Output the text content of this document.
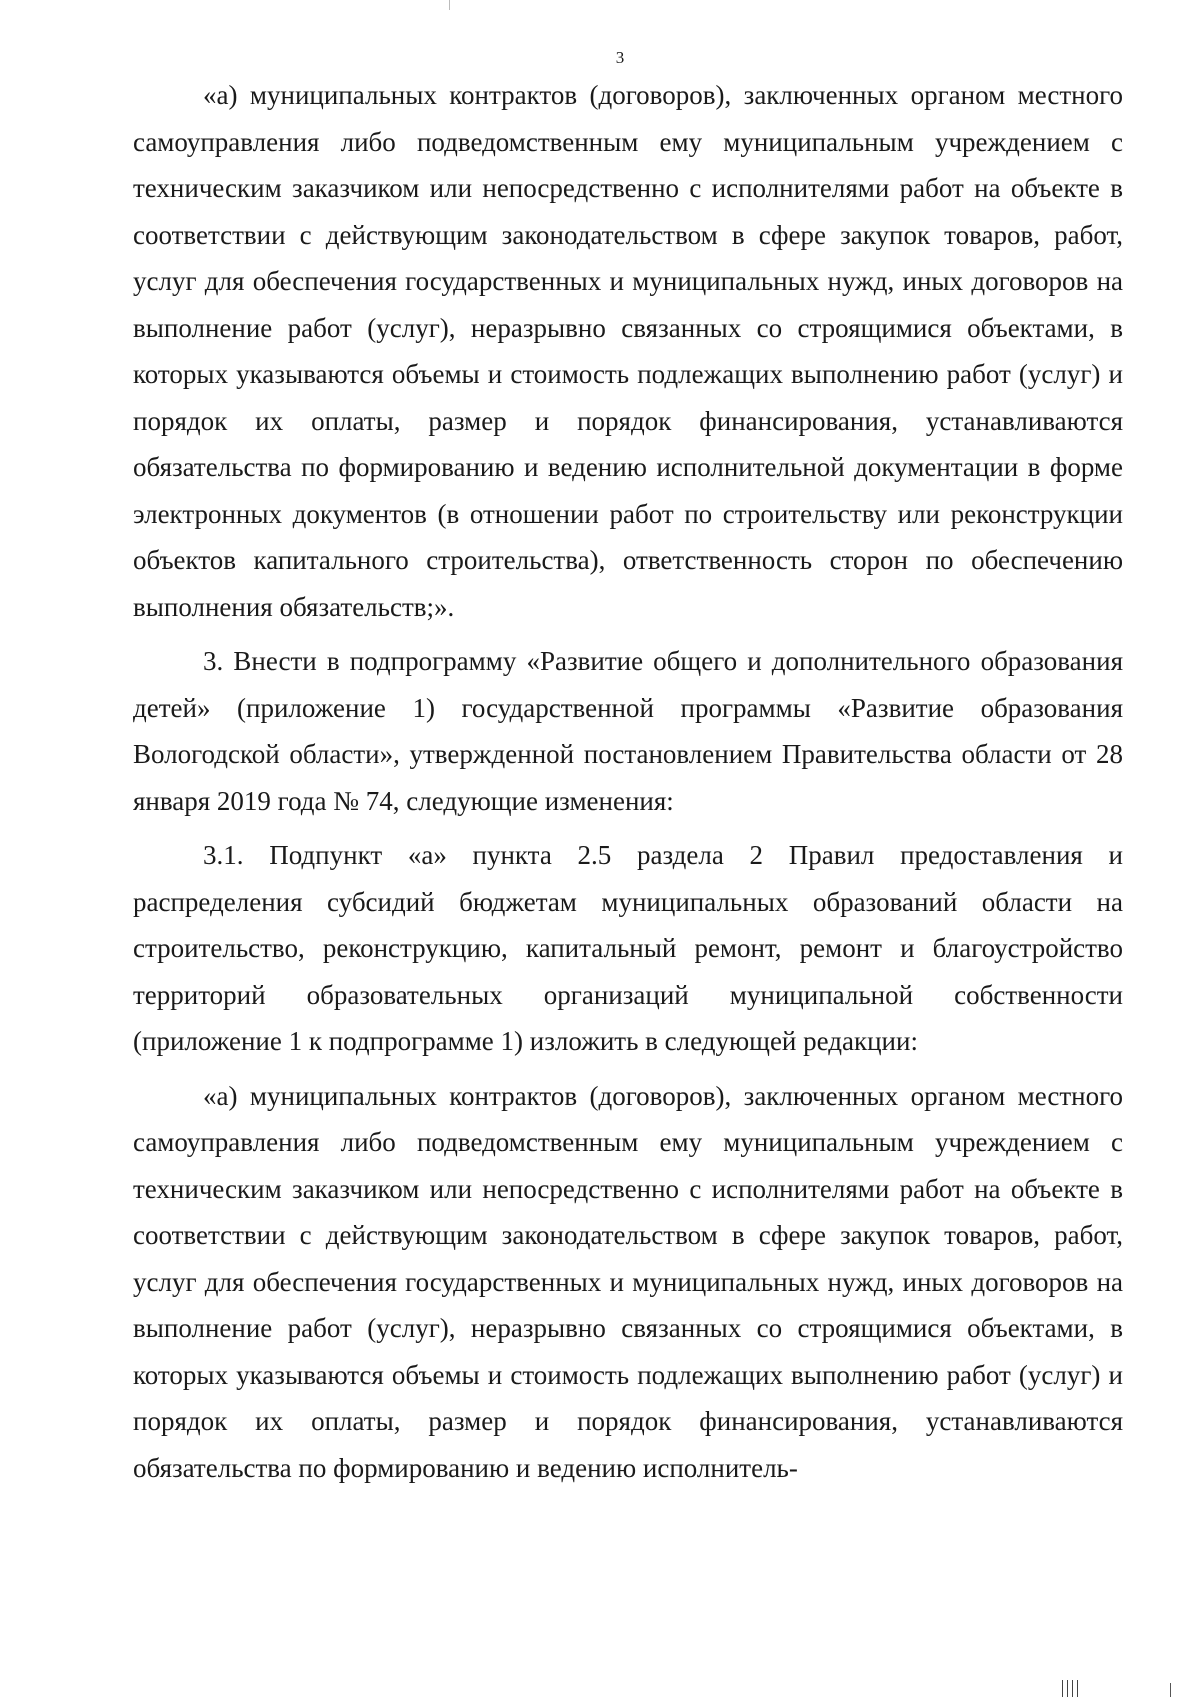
3

«а) муниципальных контрактов (договоров), заключенных органом местного самоуправления либо подведомственным ему муниципальным учреждением с техническим заказчиком или непосредственно с исполнителями работ на объекте в соответствии с действующим законодательством в сфере закупок товаров, работ, услуг для обеспечения государственных и муниципальных нужд, иных договоров на выполнение работ (услуг), неразрывно связанных со строящимися объектами, в которых указываются объемы и стоимость подлежащих выполнению работ (услуг) и порядок их оплаты, размер и порядок финансирования, устанавливаются обязательства по формированию и ведению исполнительной документации в форме электронных документов (в отношении работ по строительству или реконструкции объектов капитального строительства), ответственность сторон по обеспечению выполнения обязательств;».

3. Внести в подпрограмму «Развитие общего и дополнительного образования детей» (приложение 1) государственной программы «Развитие образования Вологодской области», утвержденной постановлением Правительства области от 28 января 2019 года № 74, следующие изменения:

3.1. Подпункт «а» пункта 2.5 раздела 2 Правил предоставления и распределения субсидий бюджетам муниципальных образований области на строительство, реконструкцию, капитальный ремонт, ремонт и благоустройство территорий образовательных организаций муниципальной собственности (приложение 1 к подпрограмме 1) изложить в следующей редакции:

«а) муниципальных контрактов (договоров), заключенных органом местного самоуправления либо подведомственным ему муниципальным учреждением с техническим заказчиком или непосредственно с исполнителями работ на объекте в соответствии с действующим законодательством в сфере закупок товаров, работ, услуг для обеспечения государственных и муниципальных нужд, иных договоров на выполнение работ (услуг), неразрывно связанных со строящимися объектами, в которых указываются объемы и стоимость подлежащих выполнению работ (услуг) и порядок их оплаты, размер и порядок финансирования, устанавливаются обязательства по формированию и ведению исполнитель-
